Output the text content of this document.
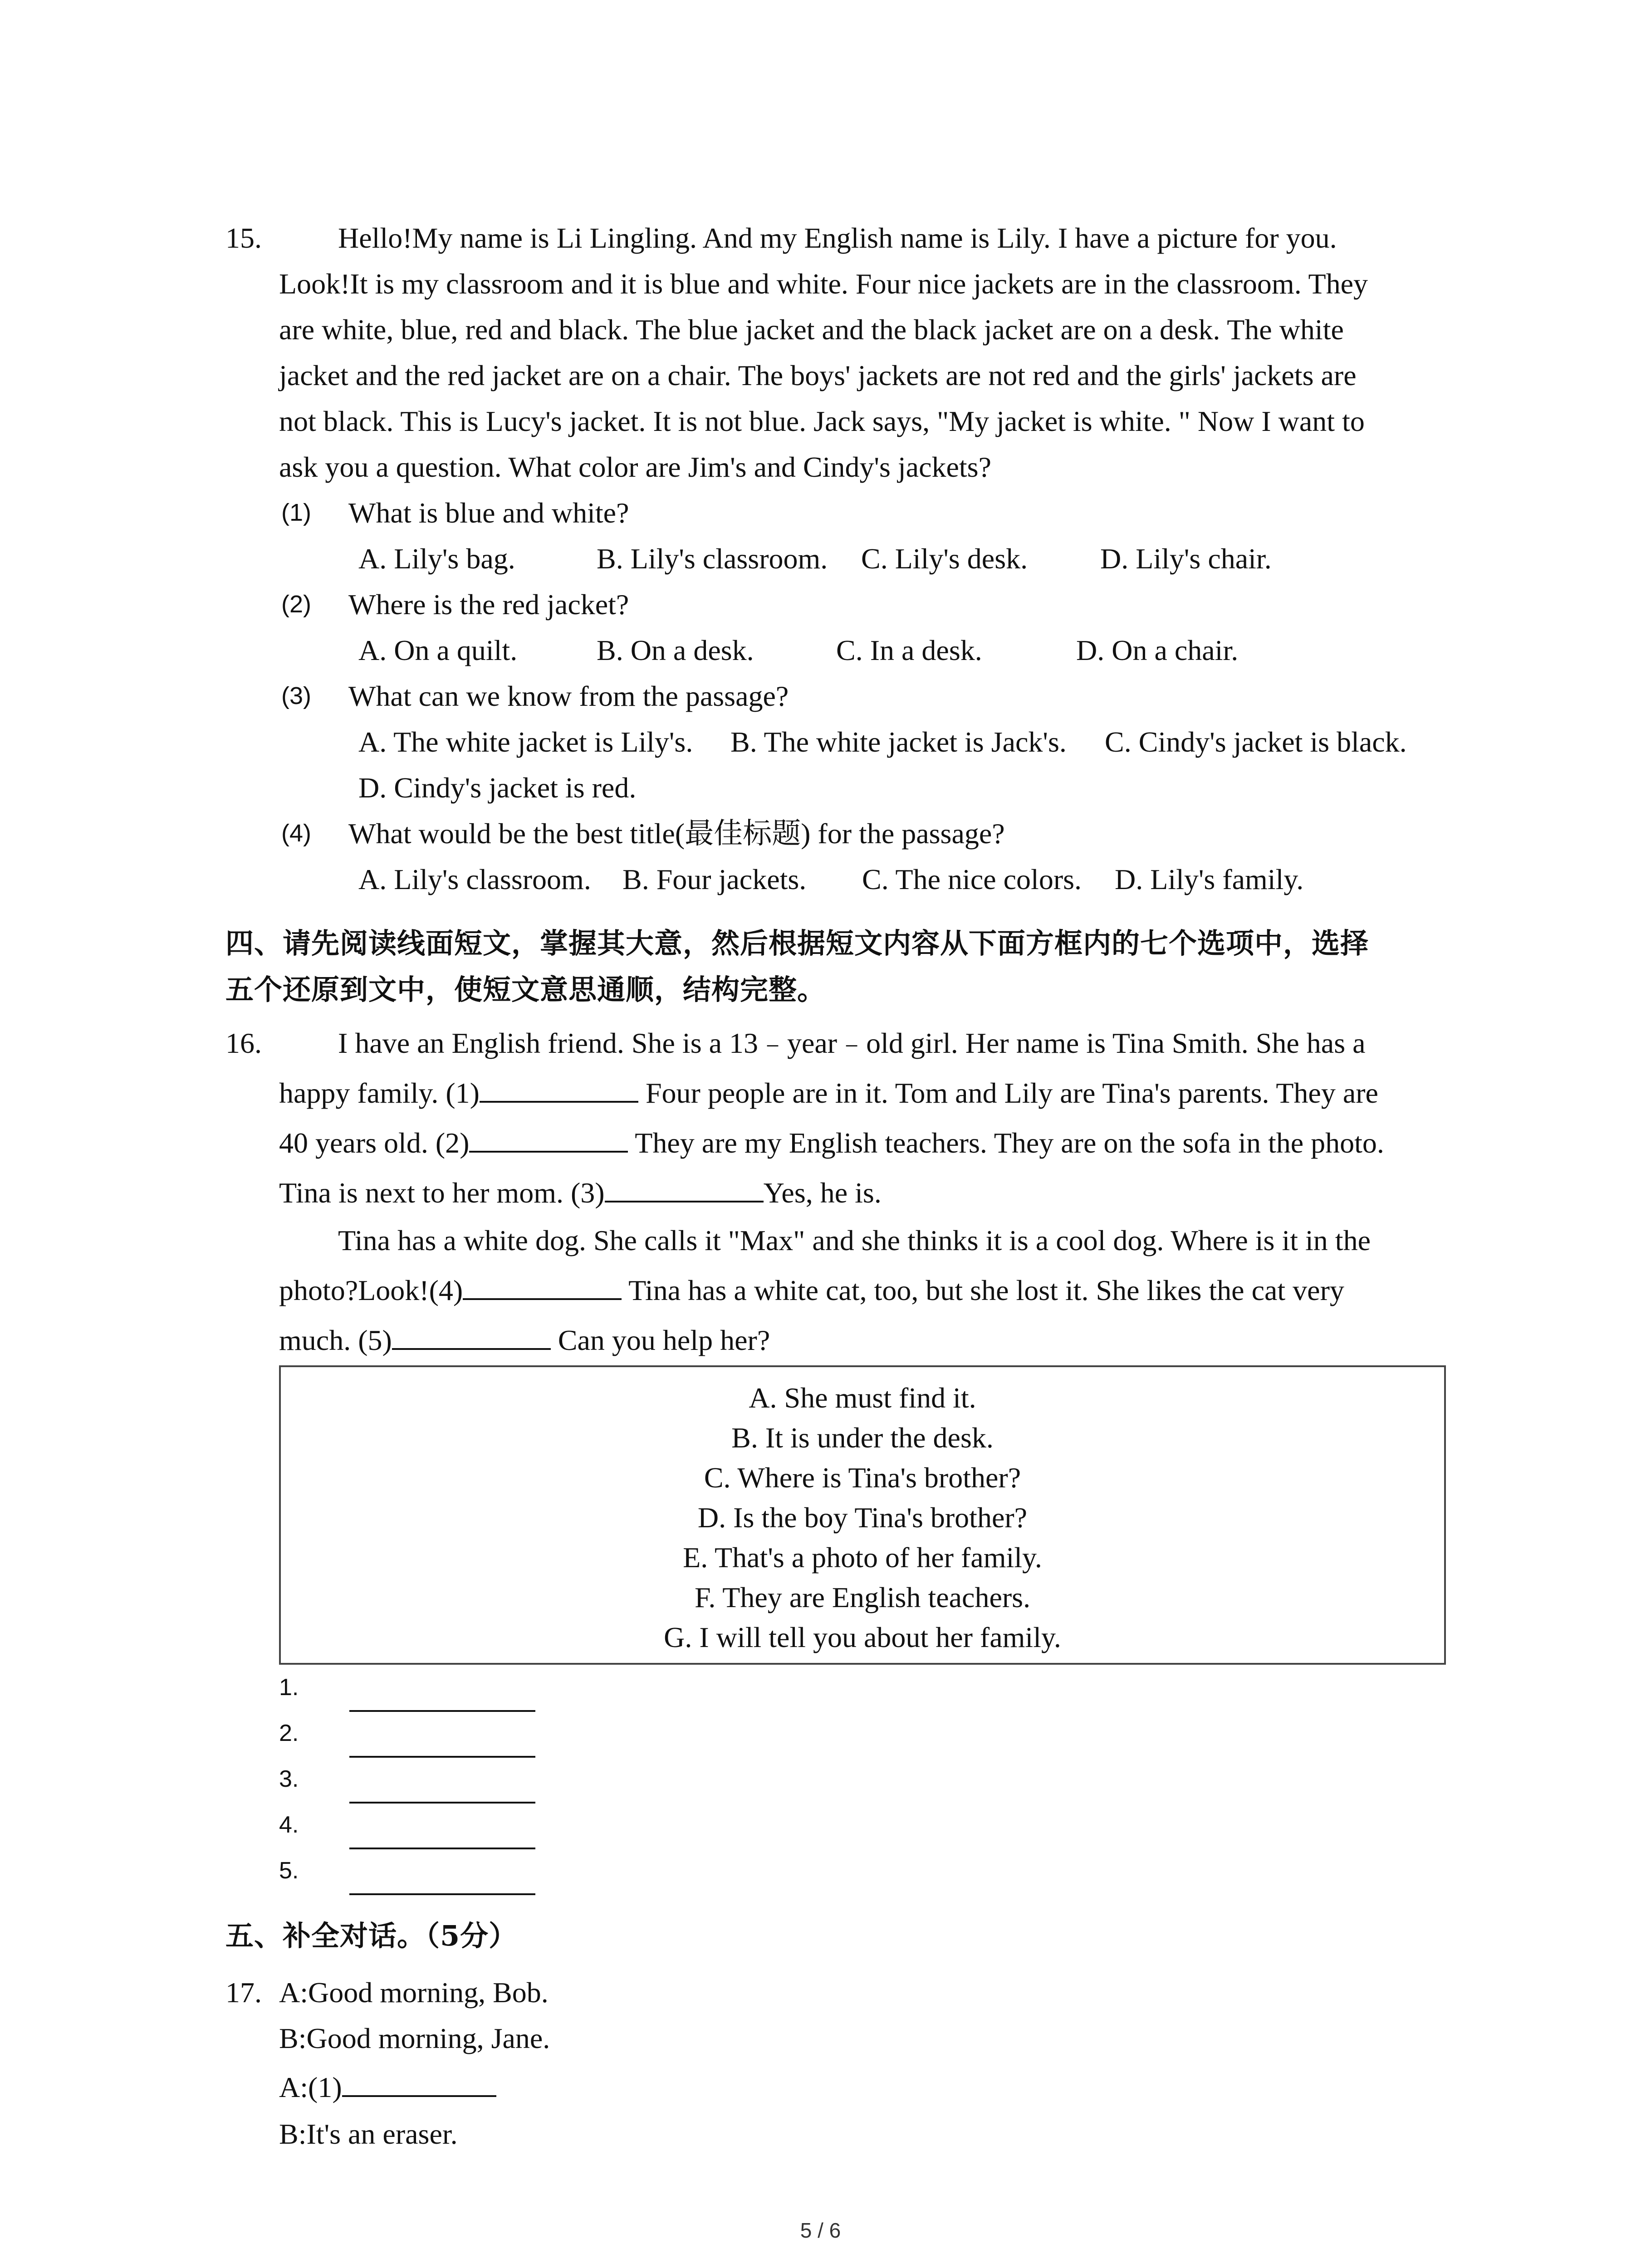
15.	Hello!My name is Li Lingling. And my English name is Lily. I have a picture for you.
Look!It is my classroom and it is blue and white. Four nice jackets are in the classroom. They
are white, blue, red and black. The blue jacket and the black jacket are on a desk. The white
jacket and the red jacket are on a chair. The boys' jackets are not red and the girls' jackets are
not black. This is Lucy's jacket. It is not blue. Jack says, "My jacket is white. " Now I want to
ask you a question. What color are Jim's and Cindy's jackets?
(1) What is blue and white?
A. Lily's bag.	B. Lily's classroom. C. Lily's desk. D. Lily's chair.
(2) Where is the red jacket?
A. On a quilt.	B. On a desk.	C. In a desk.	D. On a chair.
(3) What can we know from the passage?
A. The white jacket is Lily's. B. The white jacket is Jack's. C. Cindy's jacket is black.
D. Cindy's jacket is red.
(4) What would be the best title(最佳标题) for the passage?
A. Lily's classroom. B. Four jackets. C. The nice colors. D. Lily's family.
四、请先阅读线面短文，掌握其大意，然后根据短文内容从下面方框内的七个选项中，选择
五个还原到文中，使短文意思通顺，结构完整。
16.	I have an English friend. She is a 13﹣year﹣old girl. Her name is Tina Smith. She has a
happy family. (1)	Four people are in it. Tom and Lily are Tina's parents. They are
40 years old. (2)	They are my English teachers. They are on the sofa in the photo.
Tina is next to her mom. (3)	Yes, he is.
Tina has a white dog. She calls it "Max" and she thinks it is a cool dog. Where is it in the
photo?Look!(4)	Tina has a white cat, too, but she lost it. She likes the cat very
much. (5)	Can you help her?
A. She must find it.
B. It is under the desk.
C. Where is Tina's brother?
D. Is the boy Tina's brother?
E. That's a photo of her family.
F. They are English teachers.
G. I will tell you about her family.
1.
2.
3.
4.
5.
五、补全对话。（5分）
17. A:Good morning, Bob.
B:Good morning, Jane.
A:(1)
B:It's an eraser.
5 / 6
